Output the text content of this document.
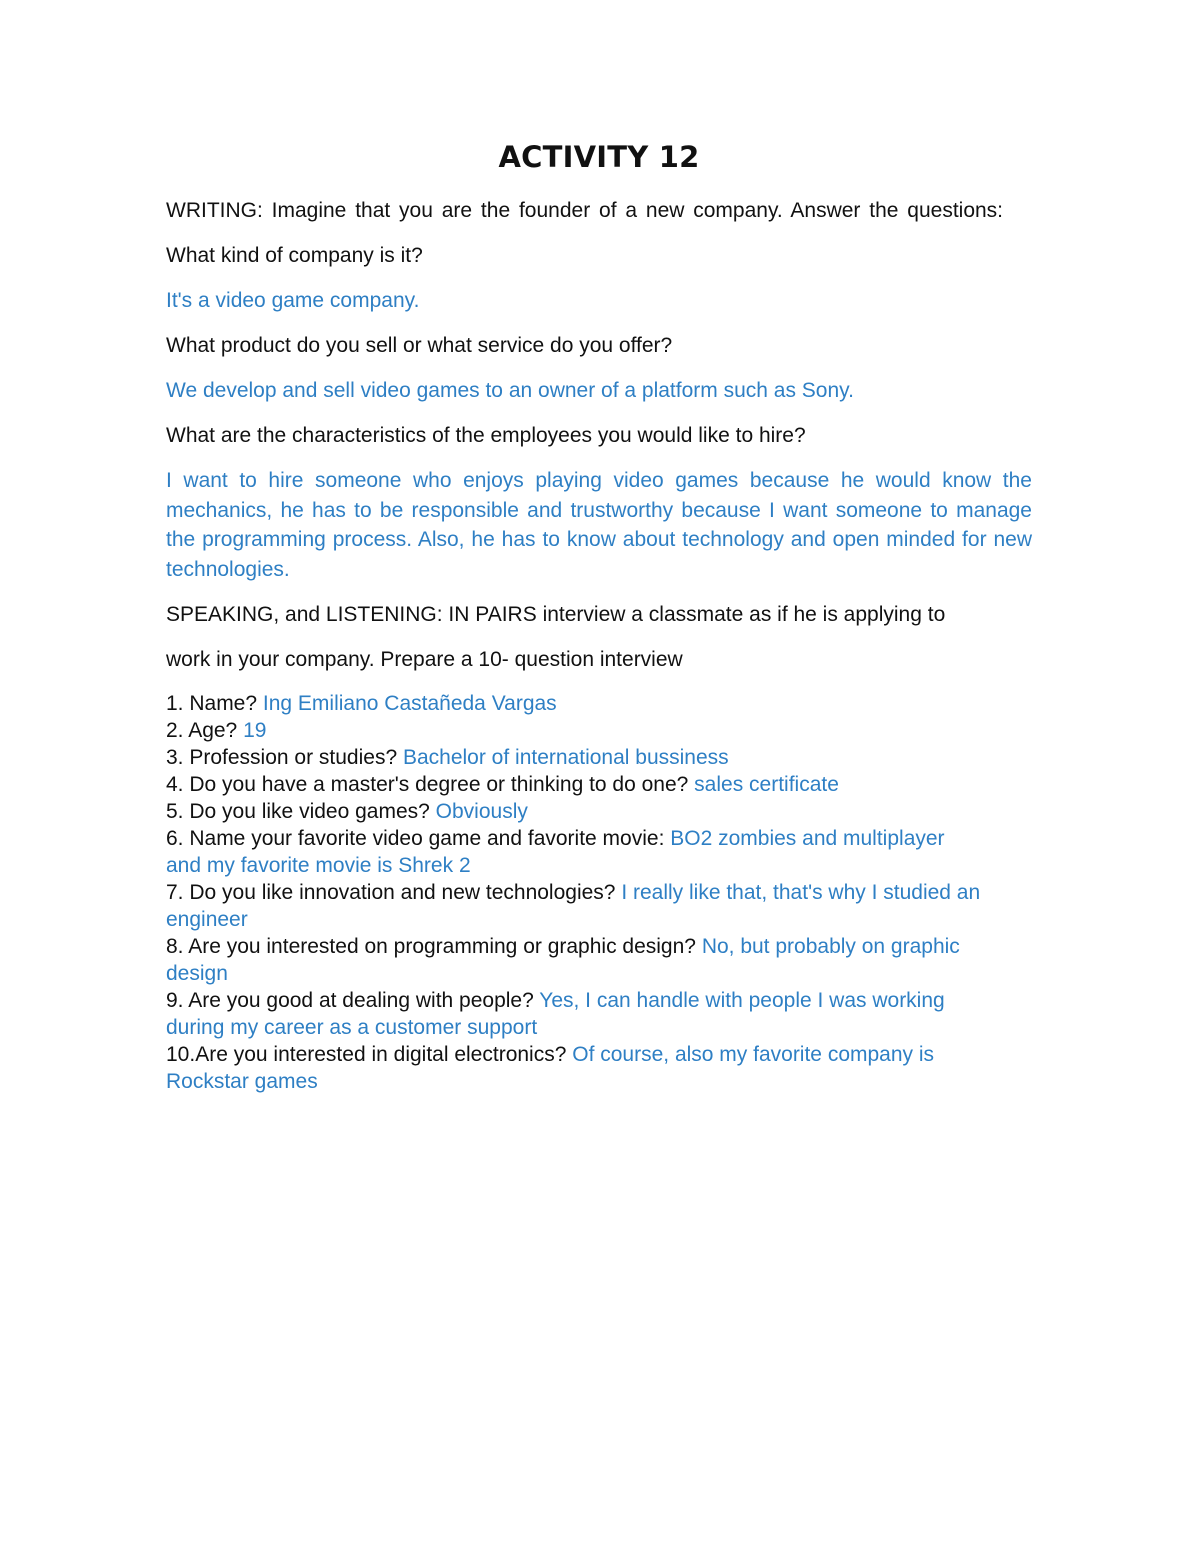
ACTIVITY 12

WRITING: Imagine that you are the founder of a new company. Answer the questions:

What kind of company is it?

It's a video game company.

What product do you sell or what service do you offer?

We develop and sell video games to an owner of a platform such as Sony.

What are the characteristics of the employees you would like to hire?

I want to hire someone who enjoys playing video games because he would know the mechanics, he has to be responsible and trustworthy because I want someone to manage the programming process. Also, he has to know about technology and open minded for new technologies.

SPEAKING, and LISTENING: IN PAIRS interview a classmate as if he is applying to

work in your company. Prepare a 10- question interview

1. Name? Ing Emiliano Castañeda Vargas
2. Age? 19
3. Profession or studies? Bachelor of international bussiness
4. Do you have a master's degree or thinking to do one? sales certificate
5. Do you like video games? Obviously
6. Name your favorite video game and favorite movie: BO2 zombies and multiplayer and my favorite movie is Shrek 2
7. Do you like innovation and new technologies? I really like that, that's why I studied an engineer
8. Are you interested on programming or graphic design? No, but probably on graphic design
9. Are you good at dealing with people? Yes, I can handle with people I was working during my career as a customer support
10.Are you interested in digital electronics? Of course, also my favorite company is Rockstar games
